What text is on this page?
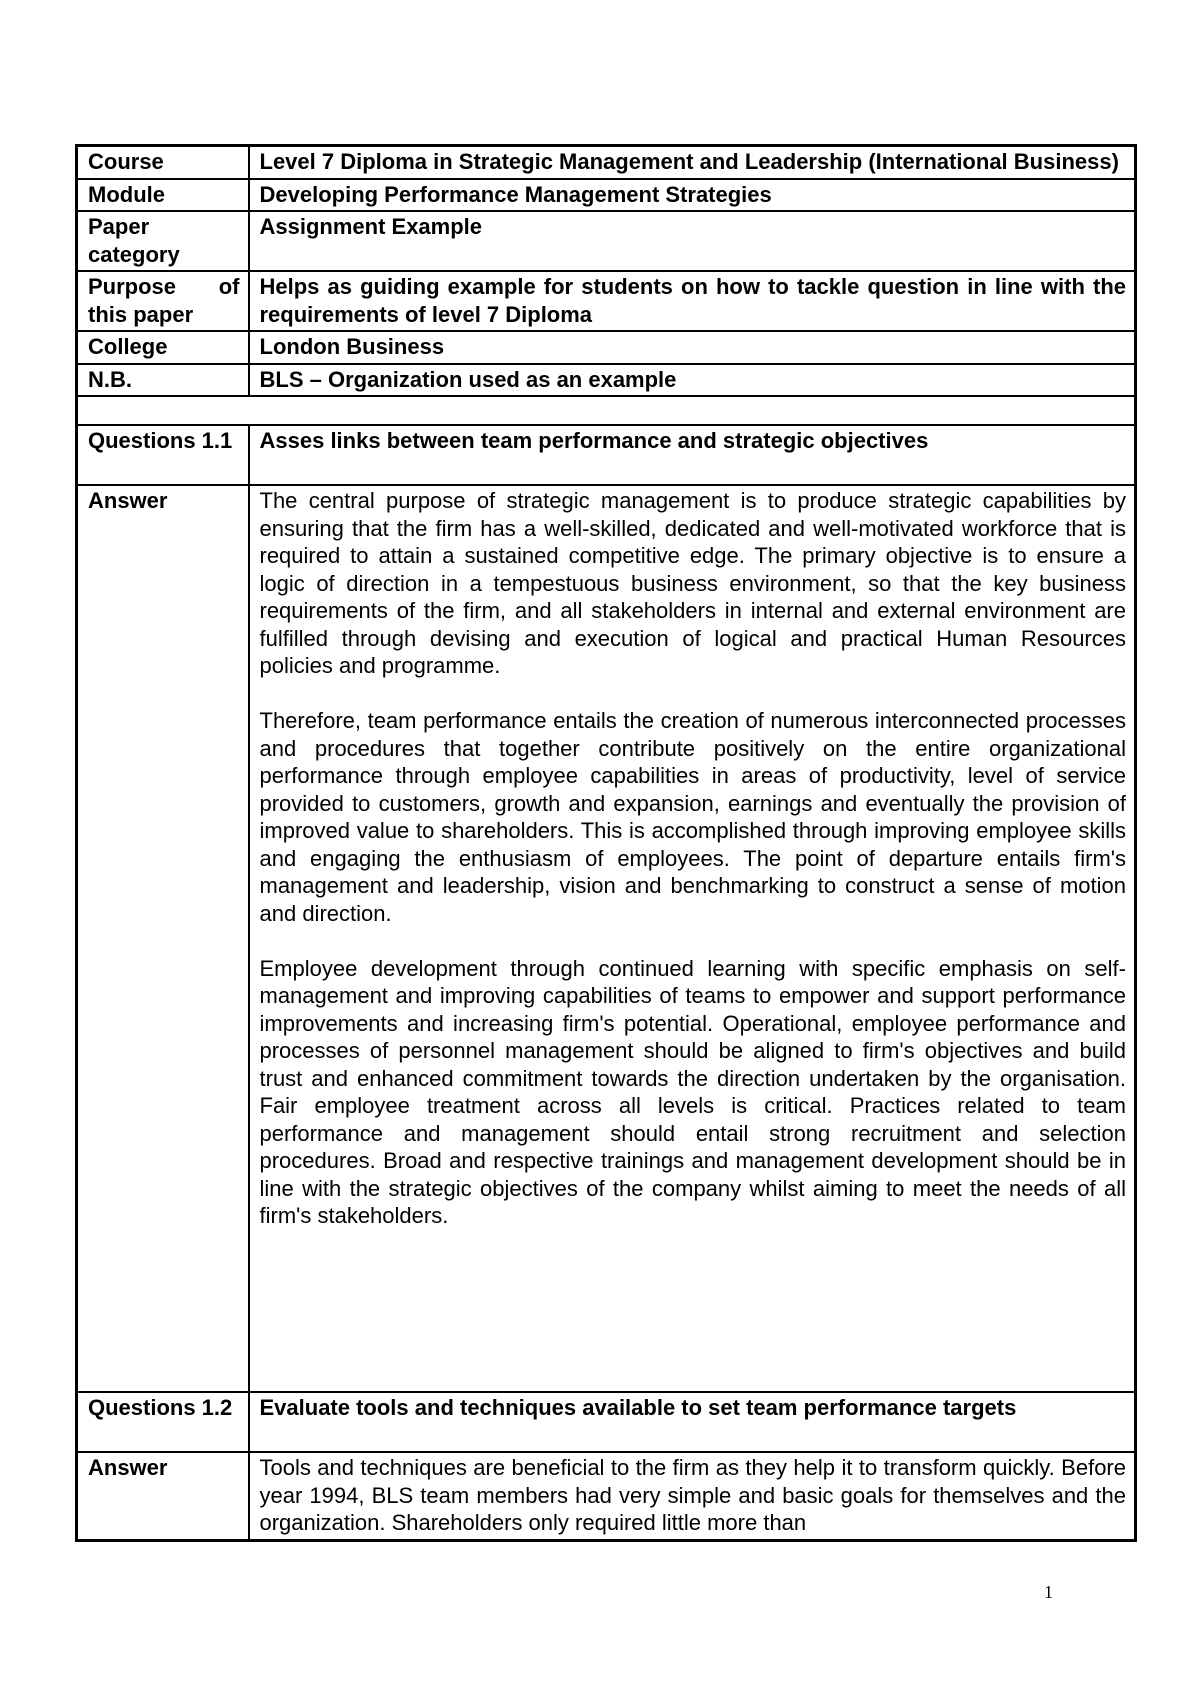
Course	Level 7 Diploma in Strategic Management and Leadership (International Business)
Module	Developing Performance Management Strategies
Paper category	Assignment Example
Purpose of this paper	Helps as guiding example for students on how to tackle question in line with the requirements of level 7 Diploma
College	London Business
N.B.	BLS – Organization used as an example

Questions 1.1	Asses links between team performance and strategic objectives
Answer	The central purpose of strategic management is to produce strategic capabilities by ensuring that the firm has a well-skilled, dedicated and well-motivated workforce that is required to attain a sustained competitive edge. The primary objective is to ensure a logic of direction in a tempestuous business environment, so that the key business requirements of the firm, and all stakeholders in internal and external environment are fulfilled through devising and execution of logical and practical Human Resources policies and programme.

Therefore, team performance entails the creation of numerous interconnected processes and procedures that together contribute positively on the entire organizational performance through employee capabilities in areas of productivity, level of service provided to customers, growth and expansion, earnings and eventually the provision of improved value to shareholders. This is accomplished through improving employee skills and engaging the enthusiasm of employees. The point of departure entails firm's management and leadership, vision and benchmarking to construct a sense of motion and direction.

Employee development through continued learning with specific emphasis on self-management and improving capabilities of teams to empower and support performance improvements and increasing firm's potential. Operational, employee performance and processes of personnel management should be aligned to firm's objectives and build trust and enhanced commitment towards the direction undertaken by the organisation. Fair employee treatment across all levels is critical. Practices related to team performance and management should entail strong recruitment and selection procedures. Broad and respective trainings and management development should be in line with the strategic objectives of the company whilst aiming to meet the needs of all firm's stakeholders.

Questions 1.2	Evaluate tools and techniques available to set team performance targets
Answer	Tools and techniques are beneficial to the firm as they help it to transform quickly. Before year 1994, BLS team members had very simple and basic goals for themselves and the organization. Shareholders only required little more than

1
